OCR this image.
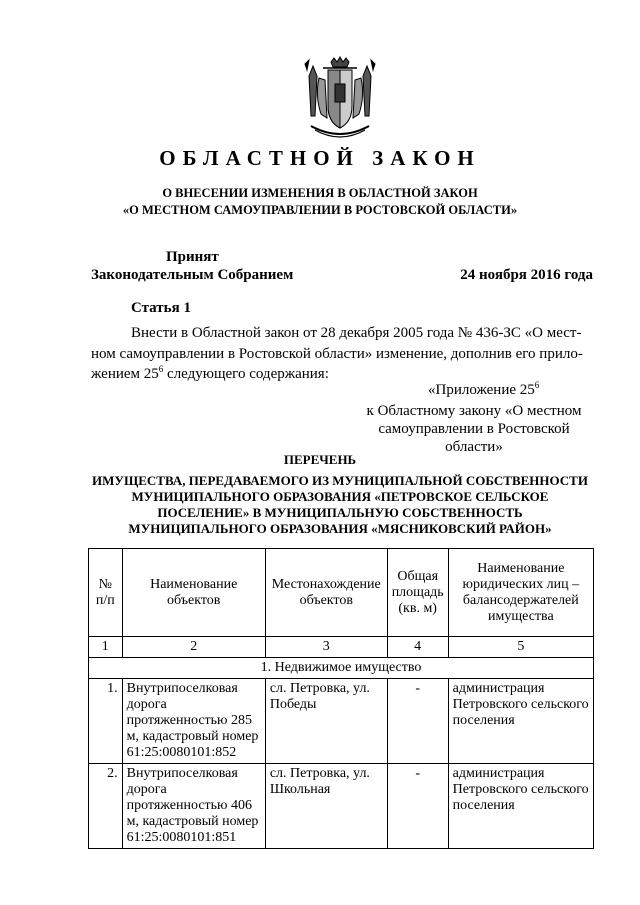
ОБЛАСТНОЙ ЗАКОН
О ВНЕСЕНИИ ИЗМЕНЕНИЯ В ОБЛАСТНОЙ ЗАКОН
«О МЕСТНОМ САМОУПРАВЛЕНИИ В РОСТОВСКОЙ ОБЛАСТИ»
Принят
Законодательным Собранием	24 ноября 2016 года
Статья 1
Внести в Областной закон от 28 декабря 2005 года № 436-ЗС «О мест-
ном самоуправлении в Ростовской области» изменение, дополнив его прило-
жением $25^6$ следующего содержания:
«Приложение $25^6$
к Областному закону «О местном
самоуправлении в Ростовской области»
ПЕРЕЧЕНЬ
ИМУЩЕСТВА, ПЕРЕДАВАЕМОГО ИЗ МУНИЦИПАЛЬНОЙ СОБСТВЕННОСТИ
МУНИЦИПАЛЬНОГО ОБРАЗОВАНИЯ «ПЕТРОВСКОЕ СЕЛЬСКОЕ
ПОСЕЛЕНИЕ» В МУНИЦИПАЛЬНУЮ СОБСТВЕННОСТЬ
МУНИЦИПАЛЬНОГО ОБРАЗОВАНИЯ «МЯСНИКОВСКИЙ РАЙОН»
№ п/п	Наименование объектов	Местонахождение объектов	Общая площадь (кв. м)	Наименование юридических лиц – балансодержателей имущества
1	2	3	4	5
1. Недвижимое имущество				
1.	Внутрипоселковая дорога протяженностью 285 м, кадастровый номер 61:25:0080101:852	сл. Петровка, ул. Победы	-	администрация Петровского сельского поселения
2.	Внутрипоселковая дорога протяженностью 406 м, кадастровый номер 61:25:0080101:851	сл. Петровка, ул. Школьная	-	администрация Петровского сельского поселения
